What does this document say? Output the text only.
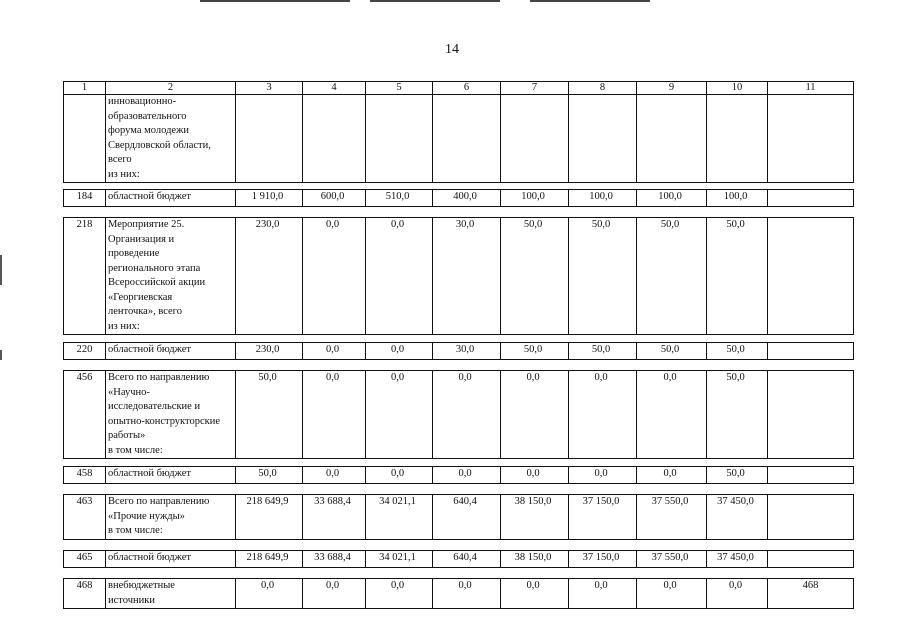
14
1	2	3	4	5	6	7	8	9	10	11
	инновационно-
образовательного
форума молодежи
Свердловской области,
всего
из них:									
184	областной бюджет	1 910,0	600,0	510,0	400,0	100,0	100,0	100,0	100,0	
218	Мероприятие 25.
Организация и
проведение
регионального этапа
Всероссийской акции
«Георгиевская
ленточка», всего
из них:	230,0	0,0	0,0	30,0	50,0	50,0	50,0	50,0	
220	областной бюджет	230,0	0,0	0,0	30,0	50,0	50,0	50,0	50,0	
456	Всего по направлению
«Научно-
исследовательские и
опытно-конструкторские
работы»
в том числе:	50,0	0,0	0,0	0,0	0,0	0,0	0,0	50,0	
458	областной бюджет	50,0	0,0	0,0	0,0	0,0	0,0	0,0	50,0	
463	Всего по направлению
«Прочие нужды»
в том числе:	218 649,9	33 688,4	34 021,1	640,4	38 150,0	37 150,0	37 550,0	37 450,0	
465	областной бюджет	218 649,9	33 688,4	34 021,1	640,4	38 150,0	37 150,0	37 550,0	37 450,0	
468	внебюджетные
источники	0,0	0,0	0,0	0,0	0,0	0,0	0,0	0,0	468
